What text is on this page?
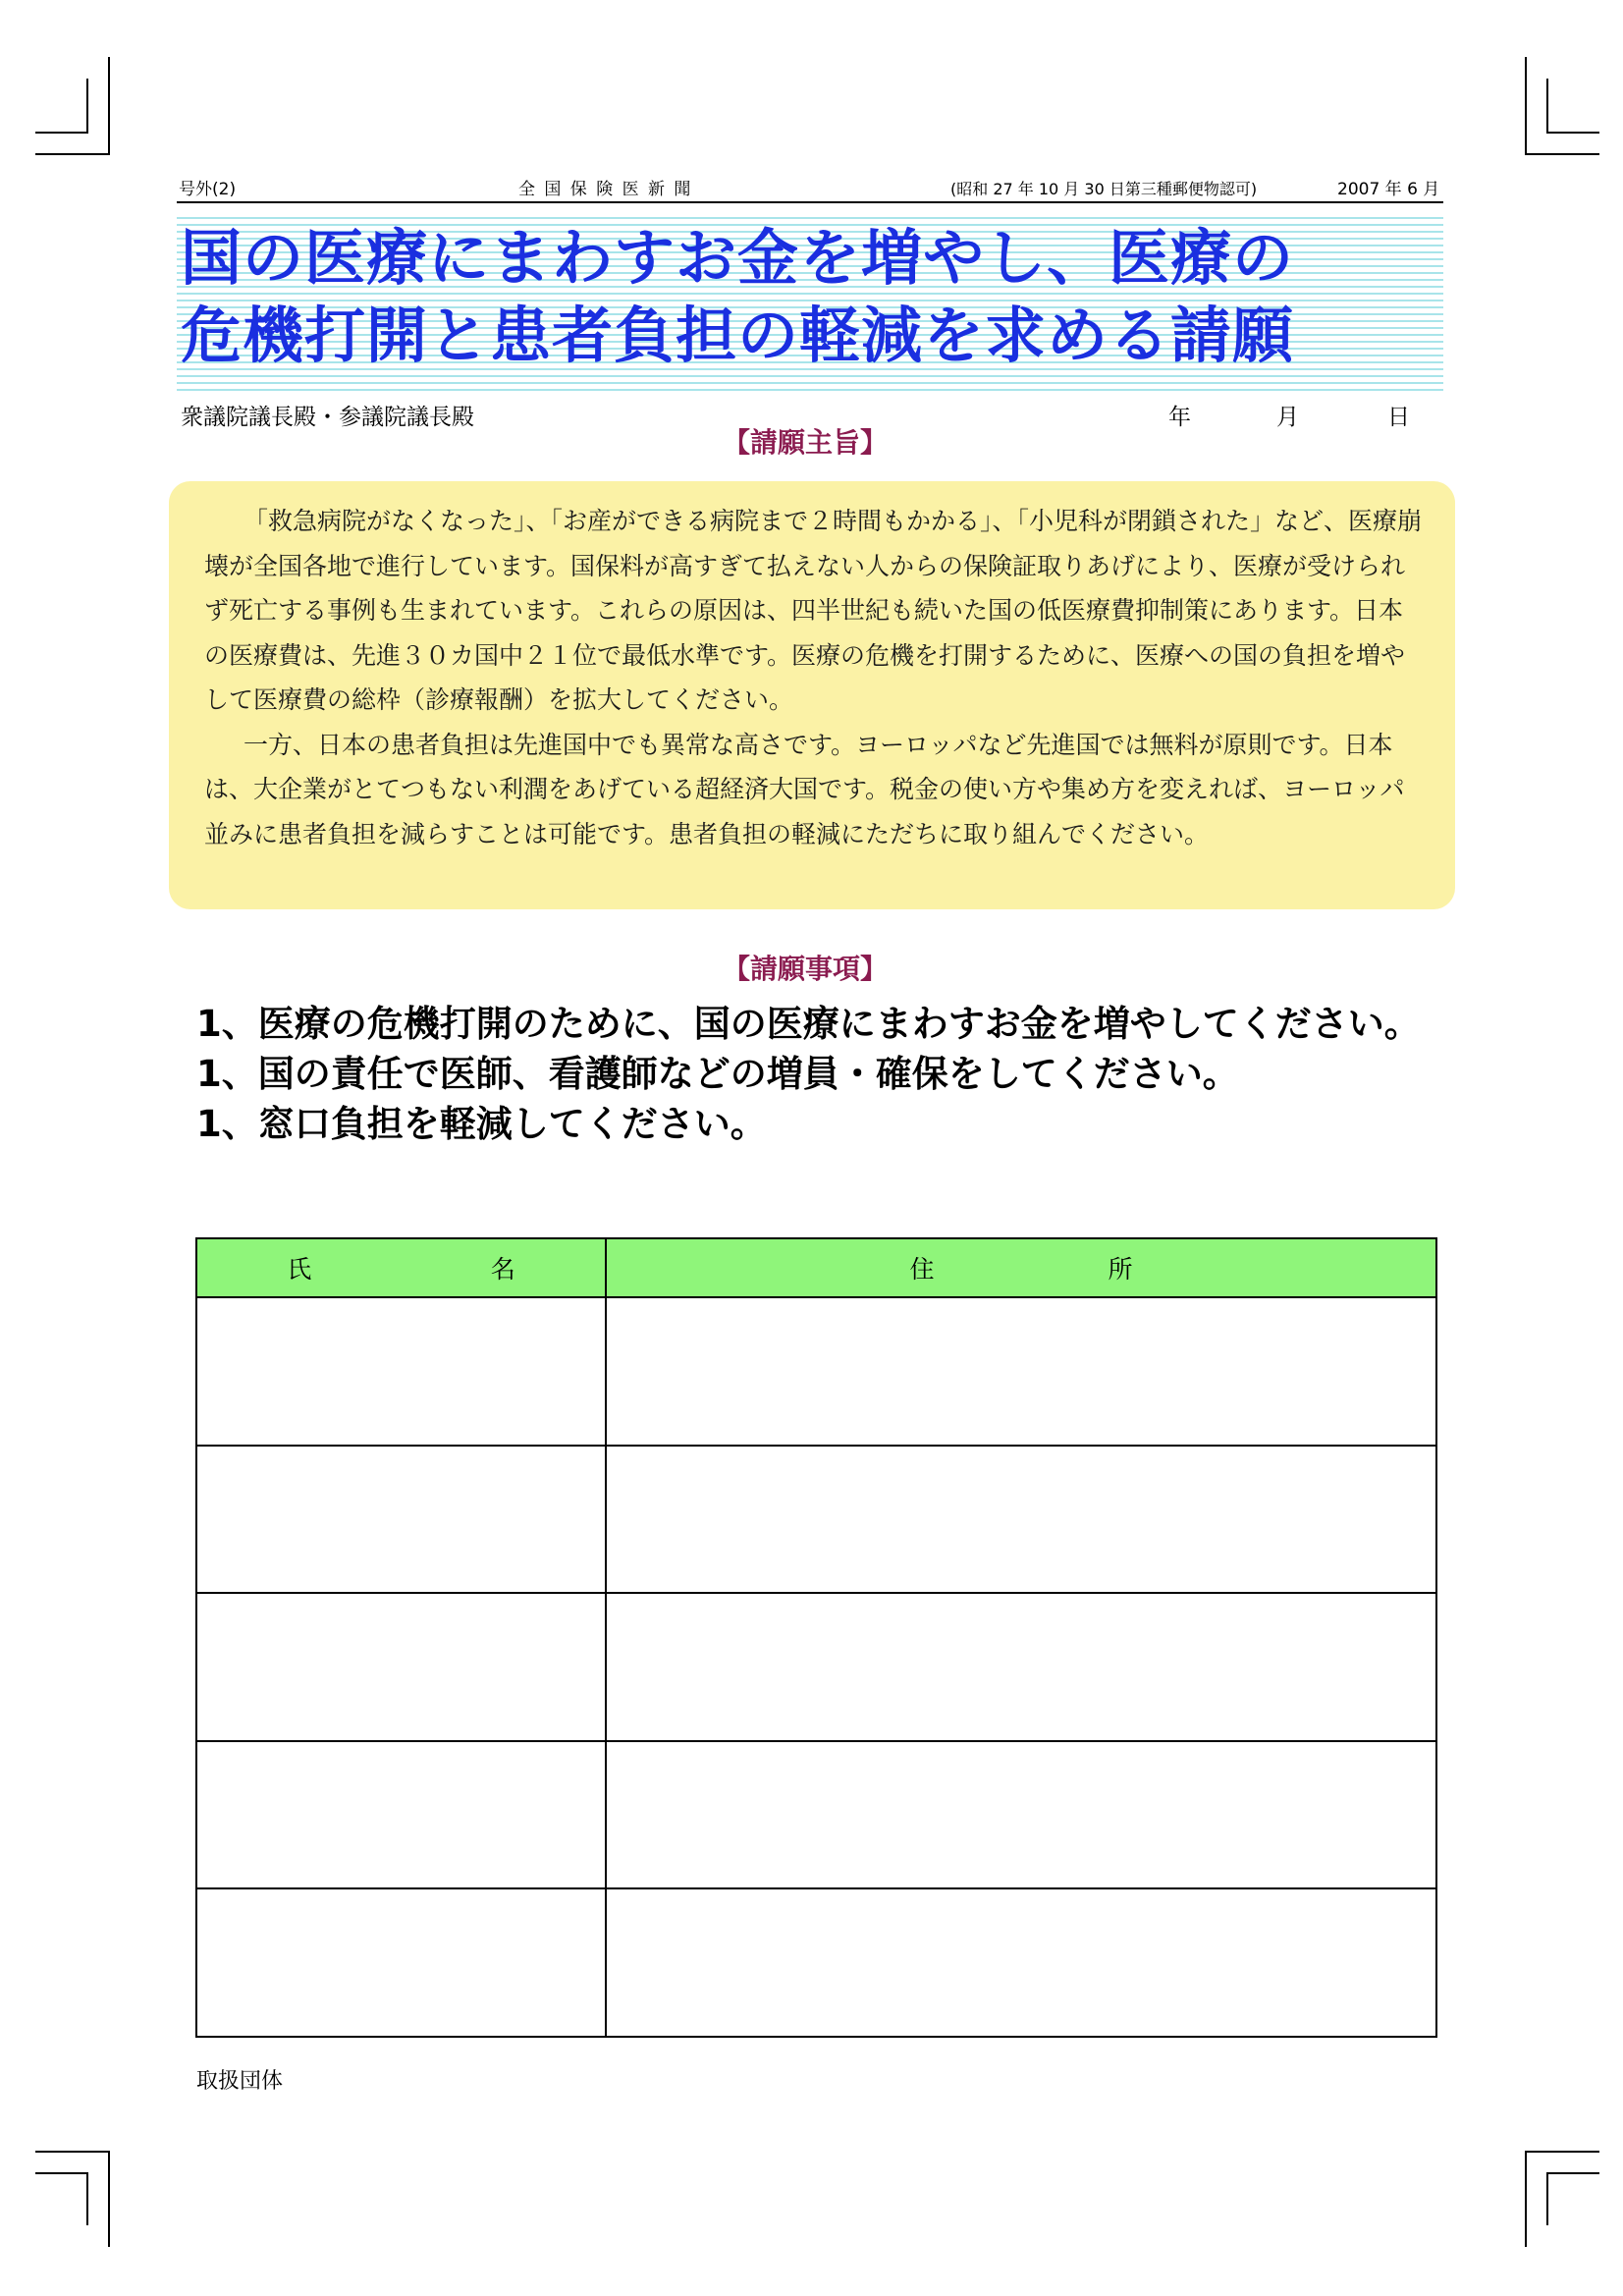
号外(2)	全 国 保 険 医 新 聞	(昭和 27 年 10 月 30 日第三種郵便物認可)	2007 年 6 月
国の医療にまわすお金を増やし、医療の
危機打開と患者負担の軽減を求める請願
衆議院議長殿・参議院議長殿	年	月	日
【請願主旨】

「救急病院がなくなった」、「お産ができる病院まで２時間もかかる」、「小児科が閉鎖された」など、医療崩壊が全国各地で進行しています。国保料が高すぎて払えない人からの保険証取りあげにより、医療が受けられず死亡する事例も生まれています。これらの原因は、四半世紀も続いた国の低医療費抑制策にあります。日本の医療費は、先進３０カ国中２１位で最低水準です。医療の危機を打開するために、医療への国の負担を増やして医療費の総枠（診療報酬）を拡大してください。

一方、日本の患者負担は先進国中でも異常な高さです。ヨーロッパなど先進国では無料が原則です。日本は、大企業がとてつもない利潤をあげている超経済大国です。税金の使い方や集め方を変えれば、ヨーロッパ並みに患者負担を減らすことは可能です。患者負担の軽減にただちに取り組んでください。

【請願事項】
1、医療の危機打開のために、国の医療にまわすお金を増やしてください。
1、国の責任で医師、看護師などの増員・確保をしてください。
1、窓口負担を軽減してください。
氏 名	住 所

取扱団体
